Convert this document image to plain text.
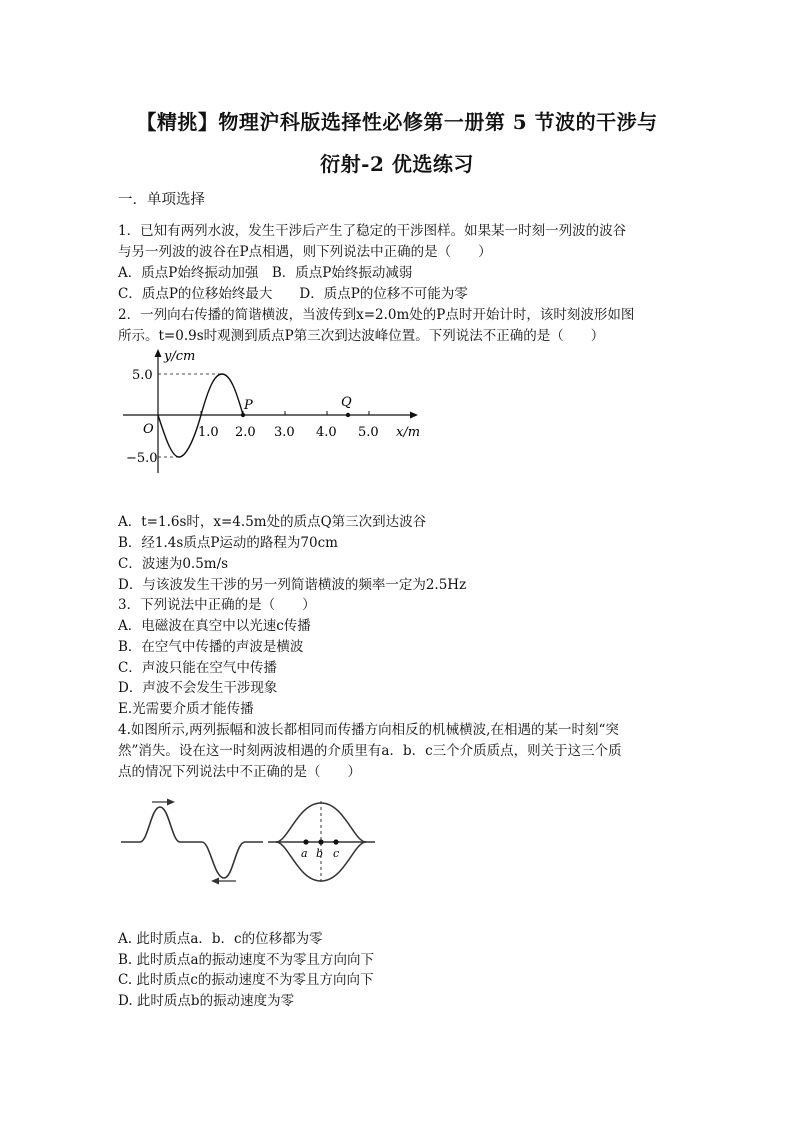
【精挑】物理沪科版选择性必修第一册第 5 节波的干涉与
衍射-2 优选练习
一．单项选择
1．已知有两列水波，发生干涉后产生了稳定的干涉图样。如果某一时刻一列波的波谷
与另一列波的波谷在P点相遇，则下列说法中正确的是（　　）
A．质点P始终振动加强　B．质点P始终振动减弱
C．质点P的位移始终最大　　D．质点P的位移不可能为零
2．一列向右传播的简谐横波，当波传到x=2.0m处的P点时开始计时，该时刻波形如图
所示。t=0.9s时观测到质点P第三次到达波峰位置。下列说法不正确的是（　　）
y/cm
x/m
O
5.0
−5.0
1.0 2.0 3.0 4.0 5.0
P	Q
A．t=1.6s时，x=4.5m处的质点Q第三次到达波谷
B．经1.4s质点P运动的路程为70cm
C．波速为0.5m/s
D．与该波发生干涉的另一列简谐横波的频率一定为2.5Hz
3．下列说法中正确的是（　　）
A．电磁波在真空中以光速c传播
B．在空气中传播的声波是横波
C．声波只能在空气中传播
D．声波不会发生干涉现象
E.光需要介质才能传播
4.如图所示,两列振幅和波长都相同而传播方向相反的机械横波,在相遇的某一时刻“突
然”消失。设在这一时刻两波相遇的介质里有a．b．c三个介质质点，则关于这三个质
点的情况下列说法中不正确的是（　　）
a b c
A. 此时质点a．b．c的位移都为零
B. 此时质点a的振动速度不为零且方向向下
C. 此时质点c的振动速度不为零且方向向下
D. 此时质点b的振动速度为零
